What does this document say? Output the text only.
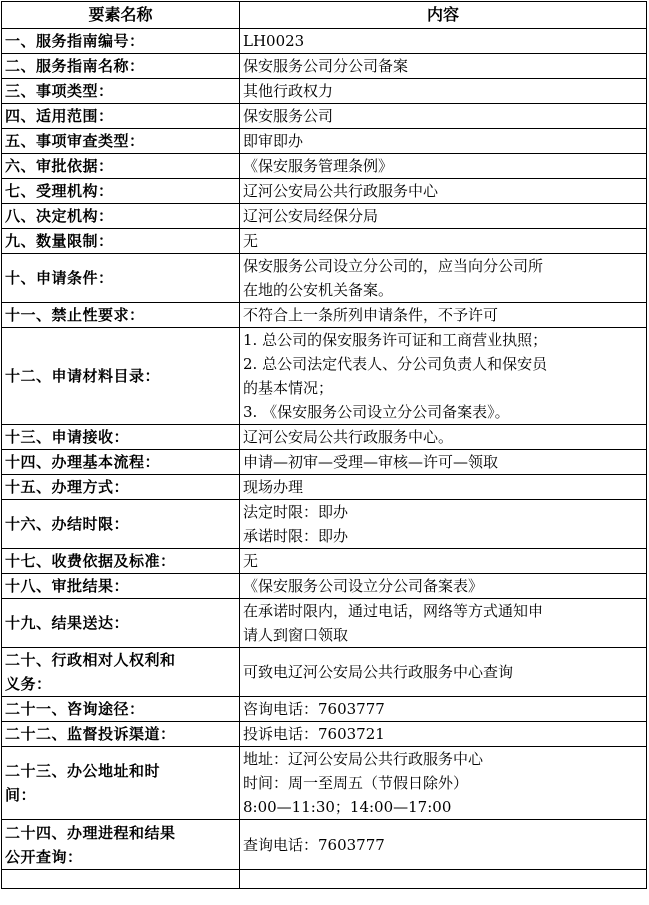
要素名称	内容
一、服务指南编号：	LH0023

二、服务指南名称：	保安服务公司分公司备案

三、事项类型：	其他行政权力

四、适用范围：	保安服务公司

五、事项审查类型：	即审即办

六、审批依据：	《保安服务管理条例》

七、受理机构：	辽河公安局公共行政服务中心

八、决定机构：	辽河公安局经保分局

九、数量限制：	无

十、申请条件：	保安服务公司设立分公司的，应当向分公司所
在地的公安机关备案。

十一、禁止性要求：	不符合上一条所列申请条件，不予许可

十二、申请材料目录：	1. 总公司的保安服务许可证和工商营业执照；
2. 总公司法定代表人、分公司负责人和保安员
的基本情况；
3. 《保安服务公司设立分公司备案表》。

十三、申请接收：	辽河公安局公共行政服务中心。

十四、办理基本流程：	申请—初审—受理—审核—许可—领取

十五、办理方式：	现场办理

十六、办结时限：	法定时限：即办
承诺时限：即办

十七、收费依据及标准：	无

十八、审批结果：	《保安服务公司设立分公司备案表》

十九、结果送达：	在承诺时限内，通过电话，网络等方式通知申
请人到窗口领取

二十、行政相对人权利和
义务：	可致电辽河公安局公共行政服务中心查询

二十一、咨询途径：	咨询电话：7603777

二十二、监督投诉渠道：	投诉电话：7603721

二十三、办公地址和时
间：	地址：辽河公安局公共行政服务中心
时间：周一至周五（节假日除外）
8:00—11:30；14:00—17:00

二十四、办理进程和结果
公开查询：	查询电话：7603777
